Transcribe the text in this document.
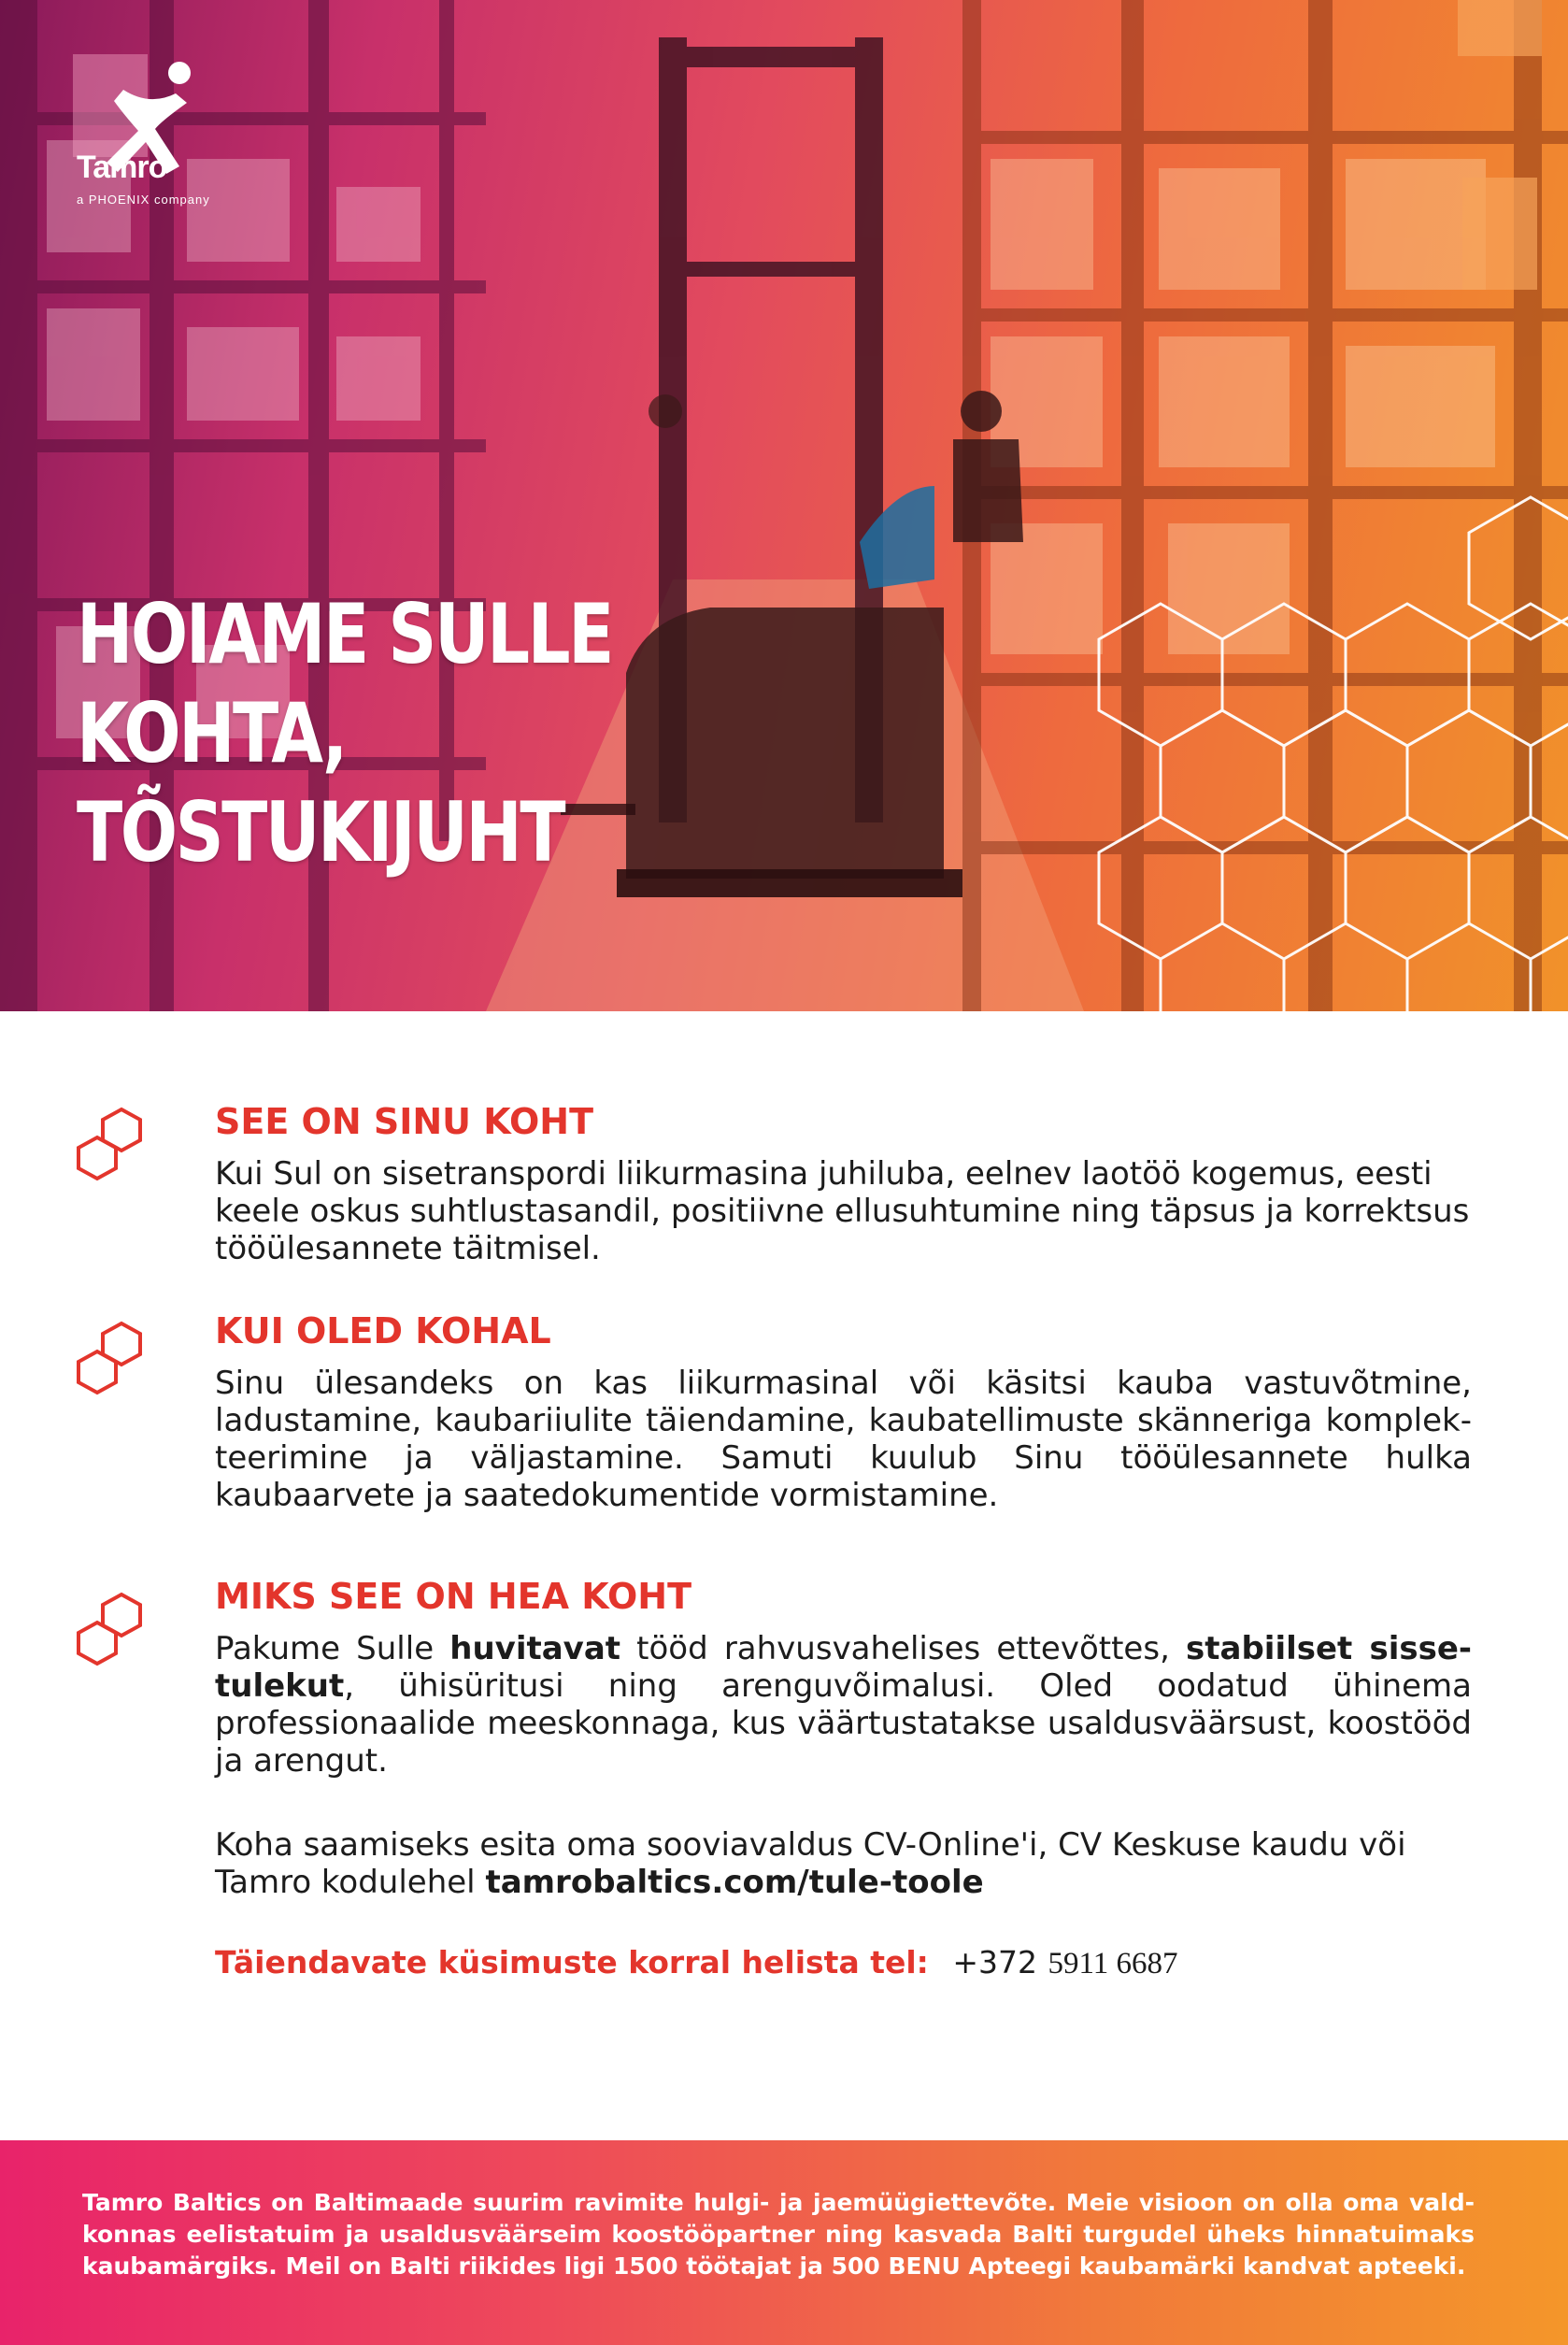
Tamro
a PHOENIX company
HOIAME SULLE
KOHTA,
TÕSTUKIJUHT
SEE ON SINU KOHT
Kui Sul on sisetranspordi liikurmasina juhiluba, eelnev laotöö kogemus, eesti keele oskus suhtlustasandil, positiivne ellusuhtumine ning täpsus ja korrektsus tööülesannete täitmisel.
KUI OLED KOHAL
Sinu ülesandeks on kas liikurmasinal või käsitsi kauba vastuvõtmine, ladustamine, kaubariiulite täiendamine, kaubatellimuste skänneriga komplekteerimine ja väljastamine. Samuti kuulub Sinu tööülesannete hulka kaubaarvete ja saatedokumentide vormistamine.
MIKS SEE ON HEA KOHT
Pakume Sulle huvitavat tööd rahvusvahelises ettevõttes, stabiilset sissetulekut, ühisüritusi ning arenguvõimalusi. Oled oodatud ühinema professionaalide meeskonnaga, kus väärtustatakse usaldusväärsust, koostööd ja arengut.
Koha saamiseks esita oma sooviavaldus CV-Online'i, CV Keskuse kaudu või Tamro kodulehel tamrobaltics.com/tule-toole
Täiendavate küsimuste korral helista tel: +372 5911 6687
Tamro Baltics on Baltimaade suurim ravimite hulgi- ja jaemüügiettevõte. Meie visioon on olla oma valdkonnas eelistatuim ja usaldusväärseim koostööpartner ning kasvada Balti turgudel üheks hinnatuimaks kaubamärgiks. Meil on Balti riikides ligi 1500 töötajat ja 500 BENU Apteegi kaubamärki kandvat apteeki.
